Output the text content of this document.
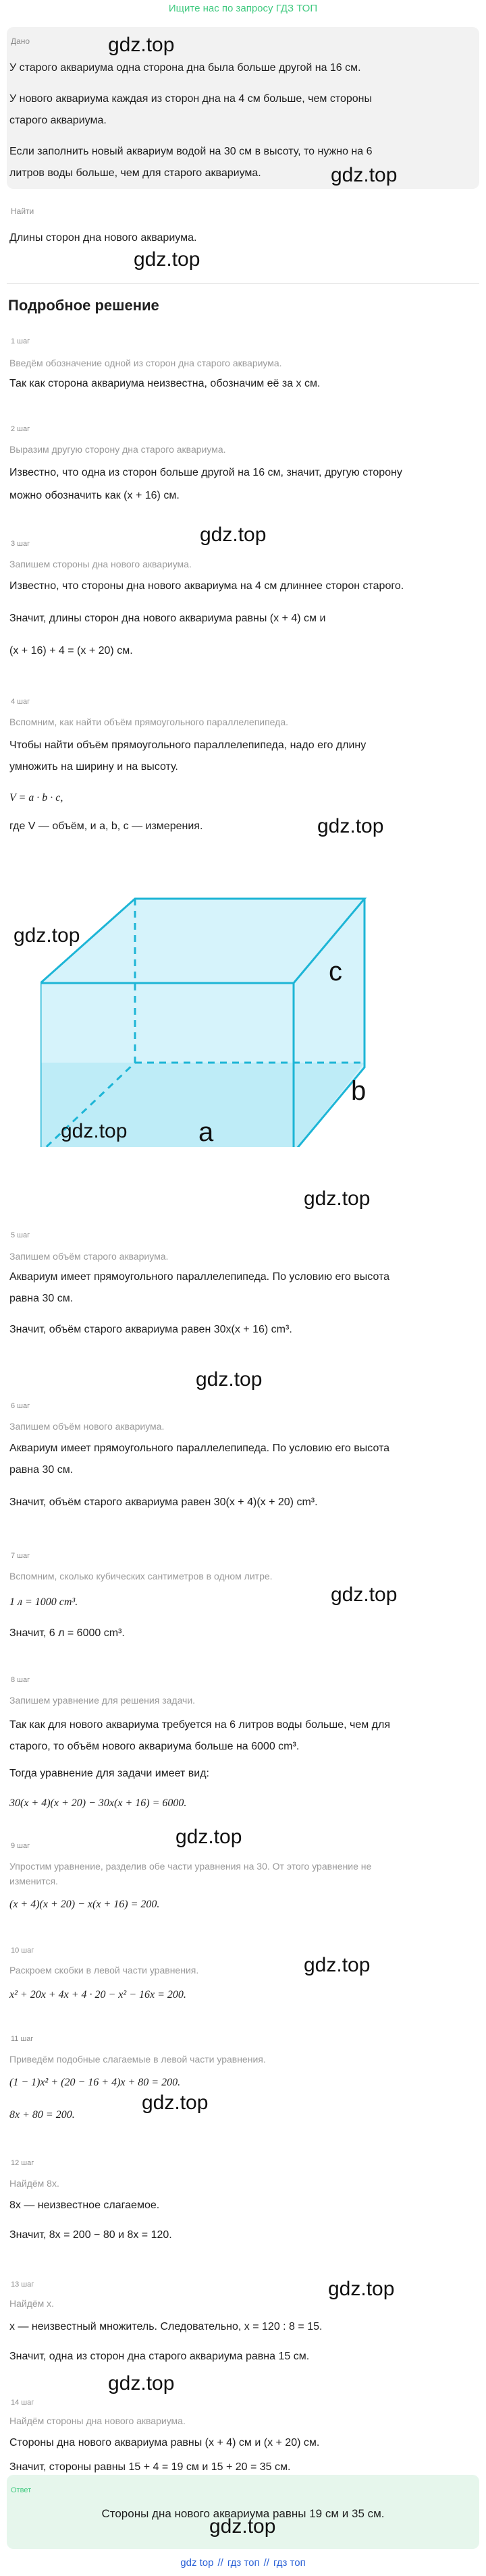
Ищите нас по запросу ГДЗ ТОП
Дано
У старого аквариума одна сторона дна была больше другой на 16 см.
У нового аквариума каждая из сторон дна на 4 см больше, чем стороны
старого аквариума.
Если заполнить новый аквариум водой на 30 см в высоту, то нужно на 6
литров воды больше, чем для старого аквариума.
Найти
Длины сторон дна нового аквариума.
Подробное решение
1 шаг
Введём обозначение одной из сторон дна старого аквариума.
Так как сторона аквариума неизвестна, обозначим её за x см.
2 шаг
Выразим другую сторону дна старого аквариума.
Известно, что одна из сторон больше другой на 16 см, значит, другую сторону
можно обозначить как (x + 16) см.
3 шаг
Запишем стороны дна нового аквариума.
Известно, что стороны дна нового аквариума на 4 см длиннее сторон старого.
Значит, длины сторон дна нового аквариума равны (x + 4) см и
(x + 16) + 4 = (x + 20) см.
4 шаг
Вспомним, как найти объём прямоугольного параллелепипеда.
Чтобы найти объём прямоугольного параллелепипеда, надо его длину
умножить на ширину и на высоту.
V = a · b · c,
где V — объём, и a, b, c — измерения.
c
b
a
5 шаг
Запишем объём старого аквариума.
Аквариум имеет прямоугольного параллелепипеда. По условию его высота
равна 30 см.
Значит, объём старого аквариума равен 30x(x + 16) cm³.
6 шаг
Запишем объём нового аквариума.
Аквариум имеет прямоугольного параллелепипеда. По условию его высота
равна 30 см.
Значит, объём старого аквариума равен 30(x + 4)(x + 20) cm³.
7 шаг
Вспомним, сколько кубических сантиметров в одном литре.
1 л = 1000 cm³.
Значит, 6 л = 6000 cm³.
8 шаг
Запишем уравнение для решения задачи.
Так как для нового аквариума требуется на 6 литров воды больше, чем для
старого, то объём нового аквариума больше на 6000 cm³.
Тогда уравнение для задачи имеет вид:
30(x + 4)(x + 20) − 30x(x + 16) = 6000.
9 шаг
Упростим уравнение, разделив обе части уравнения на 30. От этого уравнение не
изменится.
(x + 4)(x + 20) − x(x + 16) = 200.
10 шаг
Раскроем скобки в левой части уравнения.
x² + 20x + 4x + 4 · 20 − x² − 16x = 200.
11 шаг
Приведём подобные слагаемые в левой части уравнения.
(1 − 1)x² + (20 − 16 + 4)x + 80 = 200.
8x + 80 = 200.
12 шаг
Найдём 8x.
8x — неизвестное слагаемое.
Значит, 8x = 200 − 80 и 8x = 120.
13 шаг
Найдём x.
x — неизвестный множитель. Следовательно, x = 120 : 8 = 15.
Значит, одна из сторон дна старого аквариума равна 15 см.
14 шаг
Найдём стороны дна нового аквариума.
Стороны дна нового аквариума равны (x + 4) см и (x + 20) см.
Значит, стороны равны 15 + 4 = 19 см и 15 + 20 = 35 см.
Ответ
Стороны дна нового аквариума равны 19 см и 35 см.
gdz.top
gdz.top
gdz.top
gdz.top
gdz.top
gdz.top
gdz.top
gdz.top
gdz.top
gdz.top
gdz.top
gdz.top
gdz.top
gdz.top
gdz.top
gdz.top
gdz top // гдз топ // гдз топ
